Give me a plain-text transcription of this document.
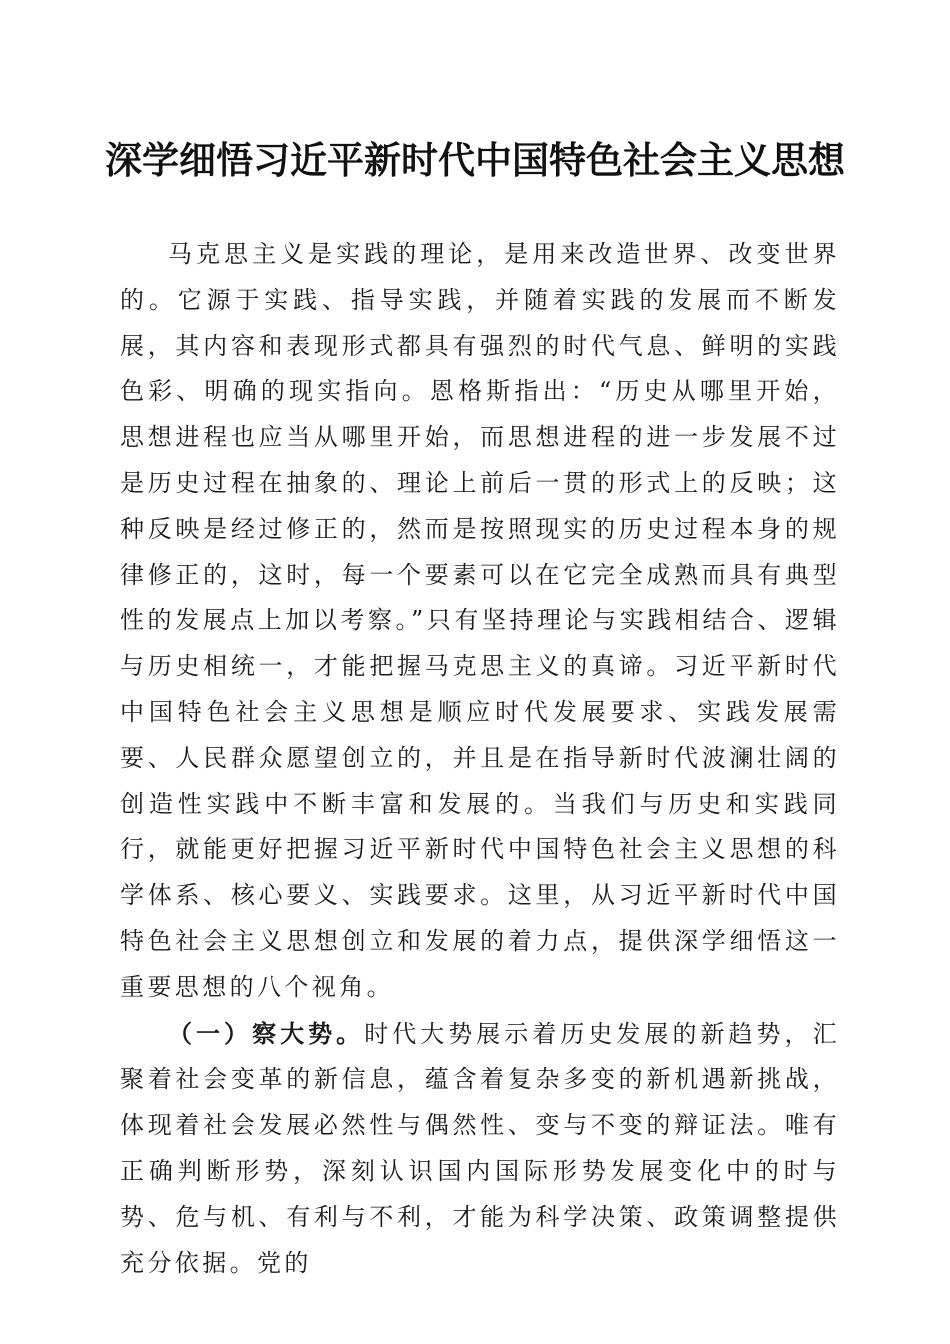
深学细悟习近平新时代中国特色社会主义思想

马克思主义是实践的理论，是用来改造世界、改变世界的。它源于实践、指导实践，并随着实践的发展而不断发展，其内容和表现形式都具有强烈的时代气息、鲜明的实践色彩、明确的现实指向。恩格斯指出：“历史从哪里开始，思想进程也应当从哪里开始，而思想进程的进一步发展不过是历史过程在抽象的、理论上前后一贯的形式上的反映；这种反映是经过修正的，然而是按照现实的历史过程本身的规律修正的，这时，每一个要素可以在它完全成熟而具有典型性的发展点上加以考察。”只有坚持理论与实践相结合、逻辑与历史相统一，才能把握马克思主义的真谛。习近平新时代中国特色社会主义思想是顺应时代发展要求、实践发展需要、人民群众愿望创立的，并且是在指导新时代波澜壮阔的创造性实践中不断丰富和发展的。当我们与历史和实践同行，就能更好把握习近平新时代中国特色社会主义思想的科学体系、核心要义、实践要求。这里，从习近平新时代中国特色社会主义思想创立和发展的着力点，提供深学细悟这一重要思想的八个视角。

（一）察大势。时代大势展示着历史发展的新趋势，汇聚着社会变革的新信息，蕴含着复杂多变的新机遇新挑战，体现着社会发展必然性与偶然性、变与不变的辩证法。唯有正确判断形势，深刻认识国内国际形势发展变化中的时与势、危与机、有利与不利，才能为科学决策、政策调整提供充分依据。党的
